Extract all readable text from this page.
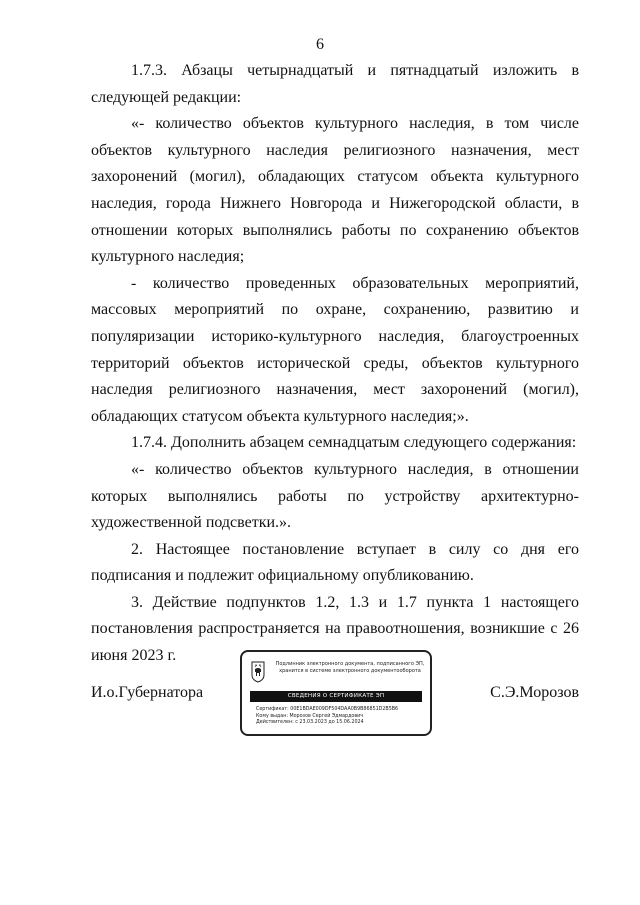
6

1.7.3. Абзацы четырнадцатый и пятнадцатый изложить в следующей редакции:

«- количество объектов культурного наследия, в том числе объектов культурного наследия религиозного назначения, мест захоронений (могил), обладающих статусом объекта культурного наследия, города Нижнего Новгорода и Нижегородской области, в отношении которых выполнялись работы по сохранению объектов культурного наследия;

- количество проведенных образовательных мероприятий, массовых мероприятий по охране, сохранению, развитию и популяризации историко-культурного наследия, благоустроенных территорий объектов исторической среды, объектов культурного наследия религиозного назначения, мест захоронений (могил), обладающих статусом объекта культурного наследия;».

1.7.4. Дополнить абзацем семнадцатым следующего содержания:

«- количество объектов культурного наследия, в отношении которых выполнялись работы по устройству архитектурно-художественной подсветки.».

2. Настоящее постановление вступает в силу со дня его подписания и подлежит официальному опубликованию.

3. Действие подпунктов 1.2, 1.3 и 1.7 пункта 1 настоящего постановления распространяется на правоотношения, возникшие с 26 июня 2023 г.

И.о.Губернатора
Подлинник электронного документа, подписанного ЭП, хранится в системе электронного документооборота
СВЕДЕНИЯ О СЕРТИФИКАТЕ ЭП
Сертификат: 00E1BDAE009DF504DAA0B9B86851D2B5B6
Кому выдан: Морозов Сергей Эдмардович
Действителен: с 23.03.2023 до 15.06.2024
С.Э.Морозов
